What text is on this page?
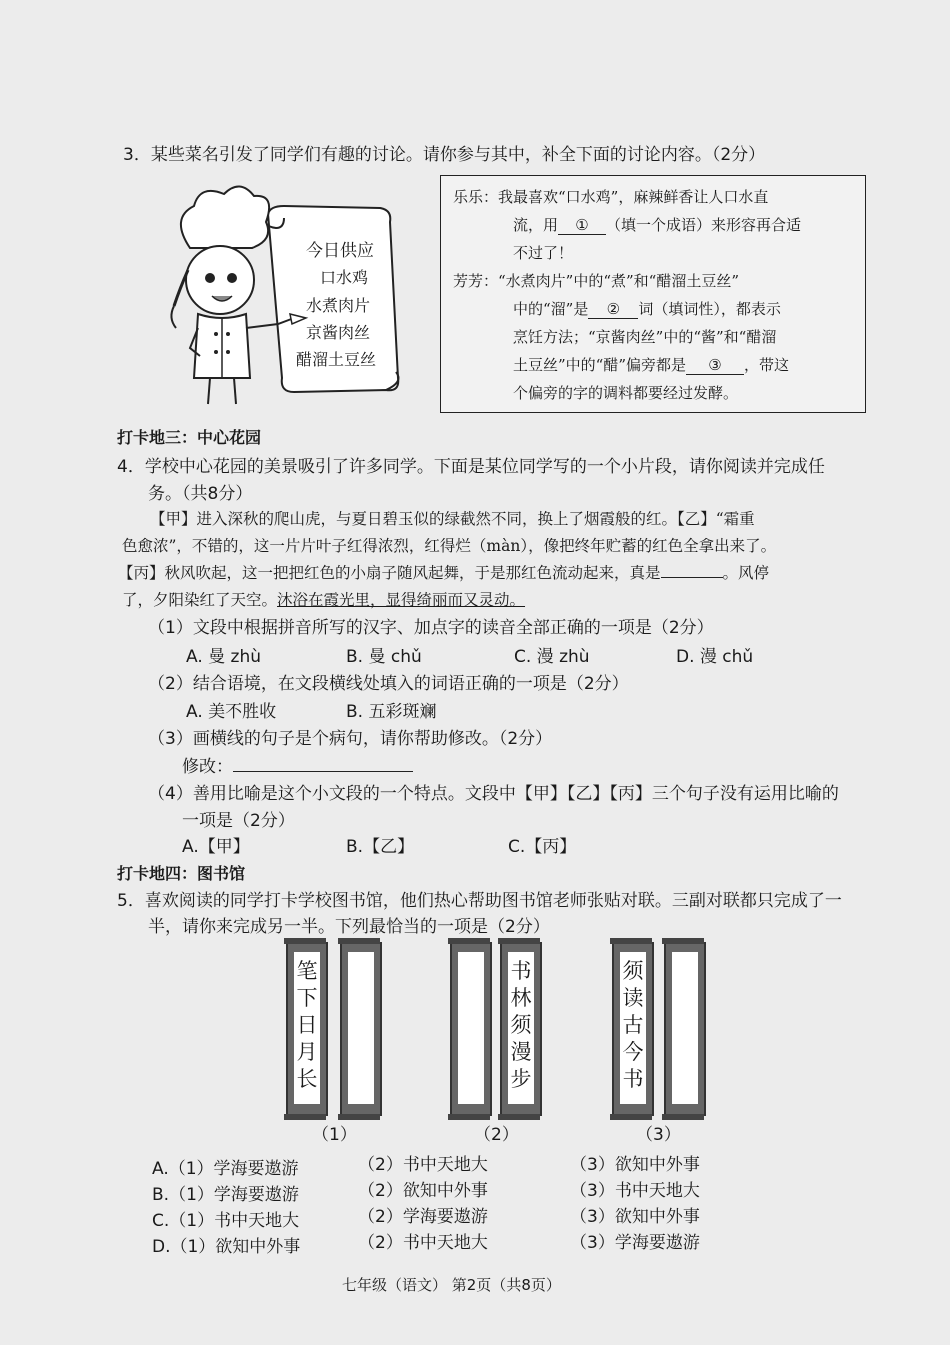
3．某些菜名引发了同学们有趣的讨论。请你参与其中，补全下面的讨论内容。（2分）
今日供应
口水鸡
水煮肉片
京酱肉丝
醋溜土豆丝
乐乐：我最喜欢“口水鸡”，麻辣鲜香让人口水直
流，用 ① （填一个成语）来形容再合适
不过了！
芳芳：“水煮肉片”中的“煮”和“醋溜土豆丝”
中的“溜”是 ② 词（填词性），都表示
烹饪方法；“京酱肉丝”中的“酱”和“醋溜
土豆丝”中的“醋”偏旁都是 ③ ，带这
个偏旁的字的调料都要经过发酵。
打卡地三：中心花园
4．学校中心花园的美景吸引了许多同学。下面是某位同学写的一个小片段，请你阅读并完成任
务。（共8分）
【甲】进入深秋的爬山虎，与夏日碧玉似的绿截然不同，换上了烟霞般的红。【乙】“霜重
色愈浓”，不错的，这一片片叶子红得浓烈，红得烂（màn），像把终年贮蓄的红色全拿出来了。
【丙】秋风吹起，这一把把红色的小扇子随风起舞，于是那红色流动起来，真是	。风停
了，夕阳染红了天空。沐浴在霞光里，显得绮丽而又灵动。
（1）文段中根据拼音所写的汉字、加点字的读音全部正确的一项是（2分）
A. 曼 zhù	B. 曼 chǔ	C. 漫 zhù	D. 漫 chǔ
（2）结合语境，在文段横线处填入的词语正确的一项是（2分）
A. 美不胜收	B. 五彩斑斓
（3）画横线的句子是个病句，请你帮助修改。（2分）
修改：
（4）善用比喻是这个小文段的一个特点。文段中【甲】【乙】【丙】三个句子没有运用比喻的
一项是（2分）
A.【甲】	B.【乙】	C.【丙】
打卡地四：图书馆
5．喜欢阅读的同学打卡学校图书馆，他们热心帮助图书馆老师张贴对联。三副对联都只完成了一
半，请你来完成另一半。下列最恰当的一项是（2分）
笔
下
日
月
长
（1）
书
林
须
漫
步
（2）
须
读
古
今
书
（3）
A.（1）学海要遨游	（2）书中天地大	（3）欲知中外事
B.（1）学海要遨游	（2）欲知中外事	（3）书中天地大
C.（1）书中天地大	（2）学海要遨游	（3）欲知中外事
D.（1）欲知中外事	（2）书中天地大	（3）学海要遨游
七年级（语文） 第2页（共8页）
